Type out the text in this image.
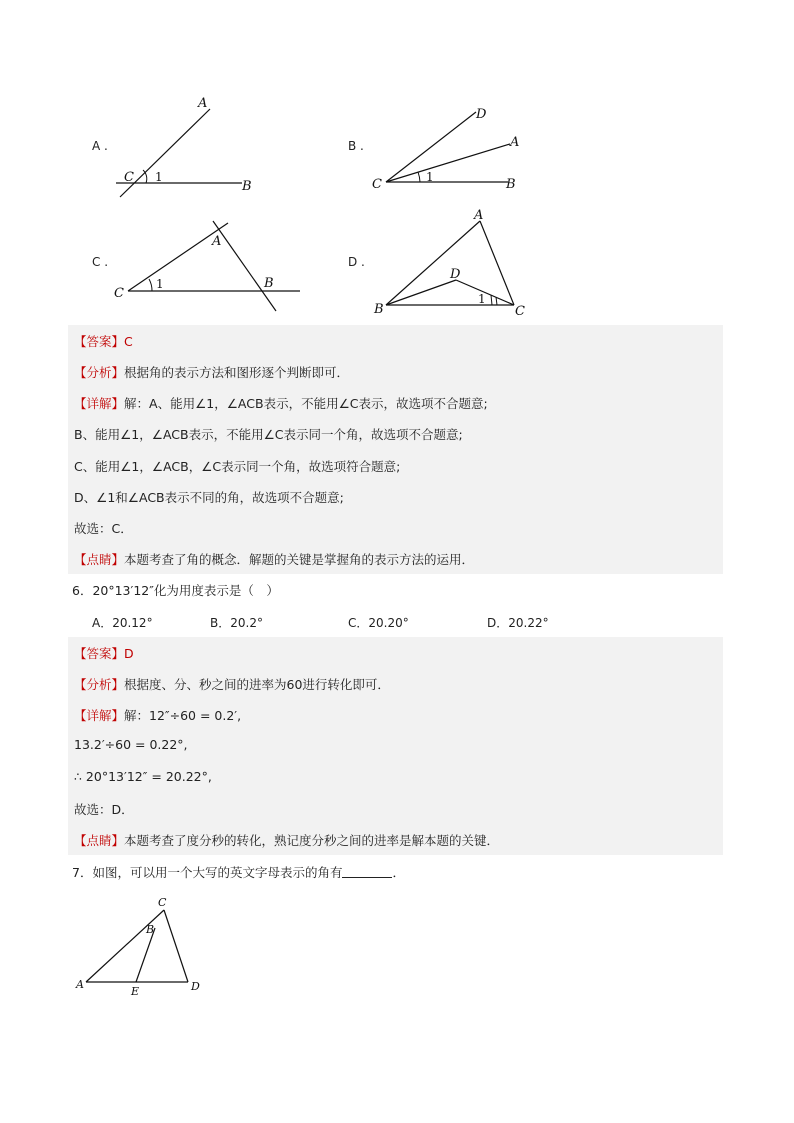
A .
A
C
B
1
B .
D
A
C	B
1
C .
A
B
C
1
D .
A
D
B	C
1
【答案】C
【分析】根据角的表示方法和图形逐个判断即可．
【详解】解：A、能用∠1，∠ACB表示，不能用∠C表示，故选项不合题意;
B、能用∠1，∠ACB表示，不能用∠C表示同一个角，故选项不合题意;
C、能用∠1，∠ACB，∠C表示同一个角，故选项符合题意;
D、∠1和∠ACB表示不同的角，故选项不合题意;
故选：C．
【点睛】本题考查了角的概念．解题的关键是掌握角的表示方法的运用．
6．20°13′12″化为用度表示是（　）
A．20.12°	B．20.2°	C．20.20°	D．20.22°
【答案】D
【分析】根据度、分、秒之间的进率为60进行转化即可．
【详解】解：12″÷60 = 0.2′,
13.2′÷60 = 0.22°,
∴ 20°13′12″ = 20.22°,
故选：D．
【点睛】本题考查了度分秒的转化，熟记度分秒之间的进率是解本题的关键．
7．如图，可以用一个大写的英文字母表示的角有	．
C
B
A
E	D
